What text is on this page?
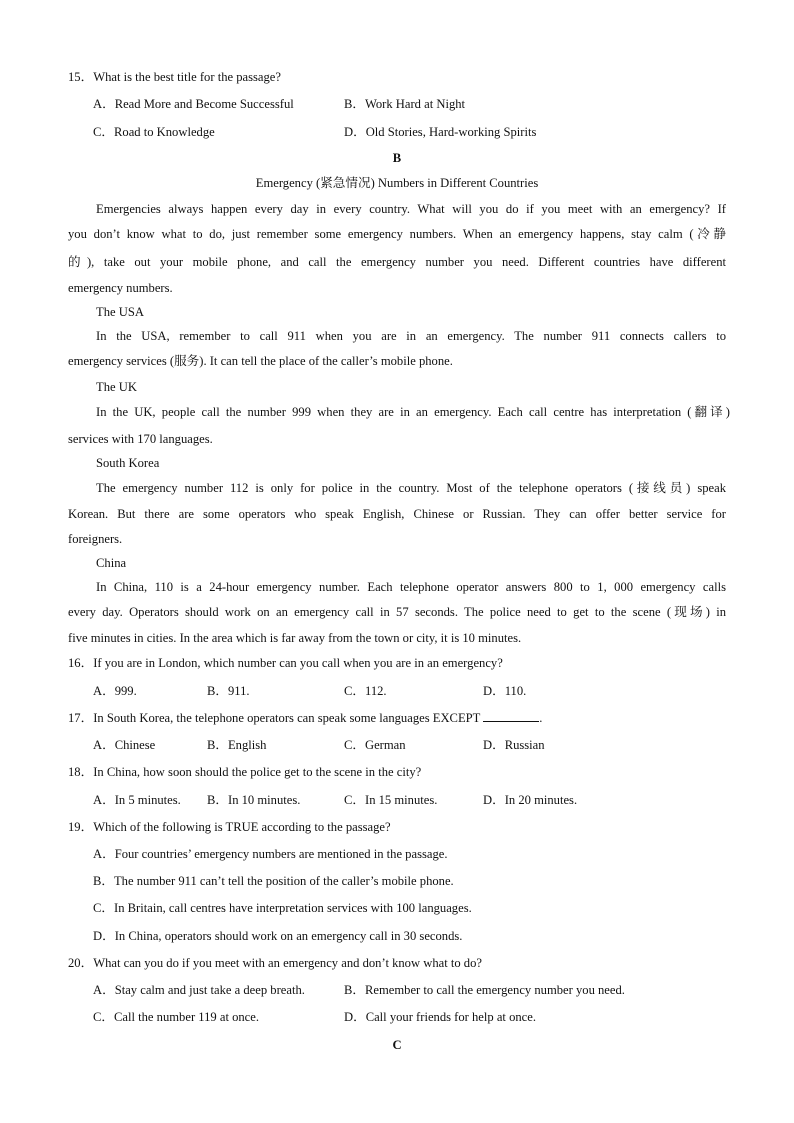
15．What is the best title for the passage?
A．Read More and Become Successful	B．Work Hard at Night
C．Road to Knowledge	D．Old Stories, Hard-working Spirits
B
Emergency (紧急情况) Numbers in Different Countries
Emergencies always happen every day in every country. What will you do if you meet with an emergency? If
you don’t know what to do, just remember some emergency numbers. When an emergency happens, stay calm (冷静
的), take out your mobile phone, and call the emergency number you need. Different countries have different
emergency numbers.
The USA
In the USA, remember to call 911 when you are in an emergency. The number 911 connects callers to
emergency services (服务). It can tell the place of the caller’s mobile phone.
The UK
In the UK, people call the number 999 when they are in an emergency. Each call centre has interpretation (翻译)
services with 170 languages.
South Korea
The emergency number 112 is only for police in the country. Most of the telephone operators (接线员) speak
Korean. But there are some operators who speak English, Chinese or Russian. They can offer better service for
foreigners.
China
In China, 110 is a 24-hour emergency number. Each telephone operator answers 800 to 1, 000 emergency calls
every day. Operators should work on an emergency call in 57 seconds. The police need to get to the scene (现场) in
five minutes in cities. In the area which is far away from the town or city, it is 10 minutes.
16．If you are in London, which number can you call when you are in an emergency?
A．999.	B．911.	C．112.	D．110.
17．In South Korea, the telephone operators can speak some languages EXCEPT	.
A．Chinese	B．English	C．German	D．Russian
18．In China, how soon should the police get to the scene in the city?
A．In 5 minutes. B．In 10 minutes.	C．In 15 minutes.	D．In 20 minutes.
19．Which of the following is TRUE according to the passage?
A．Four countries’ emergency numbers are mentioned in the passage.
B．The number 911 can’t tell the position of the caller’s mobile phone.
C．In Britain, call centres have interpretation services with 100 languages.
D．In China, operators should work on an emergency call in 30 seconds.
20．What can you do if you meet with an emergency and don’t know what to do?
A．Stay calm and just take a deep breath.	B．Remember to call the emergency number you need.
C．Call the number 119 at once.	D．Call your friends for help at once.
C
